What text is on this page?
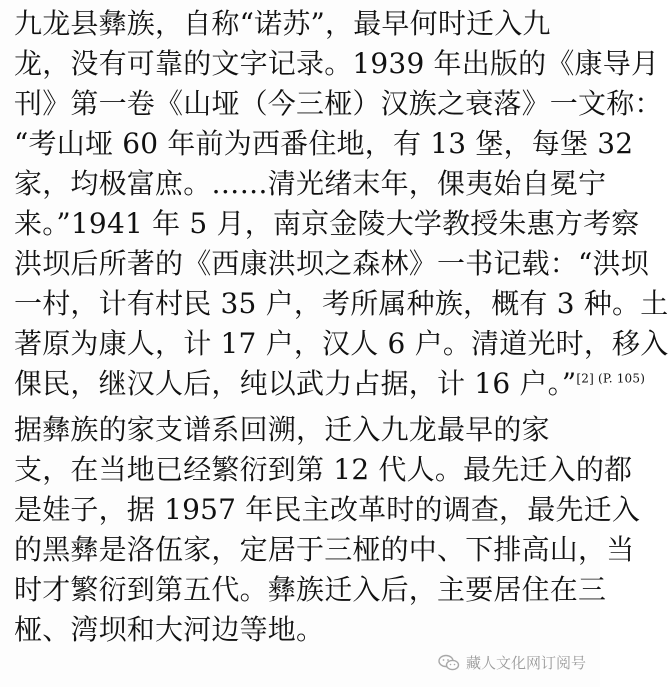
九龙县彝族，自称“诺苏”，最早何时迁入九
龙，没有可靠的文字记录。1939 年出版的《康导月
刊》第一卷《山垭（今三桠）汉族之衰落》一文称：
“考山垭 60 年前为西番住地，有 13 堡，每堡 32
家，均极富庶。……清光绪末年，倮夷始自冕宁
来。”1941 年 5 月，南京金陵大学教授朱惠方考察
洪坝后所著的《西康洪坝之森林》一书记载：“洪坝
一村，计有村民 35 户，考所属种族，概有 3 种。土
著原为康人，计 17 户，汉人 6 户。清道光时，移入
倮民，继汉人后，纯以武力占据，计 16 户。”$^{[2] (P. 105)}$
据彝族的家支谱系回溯，迁入九龙最早的家
支，在当地已经繁衍到第 12 代人。最先迁入的都
是娃子，据 1957 年民主改革时的调查，最先迁入
的黑彝是洛伍家，定居于三桠的中、下排高山，当
时才繁衍到第五代。彝族迁入后，主要居住在三
桠、湾坝和大河边等地。
藏人文化网订阅号
